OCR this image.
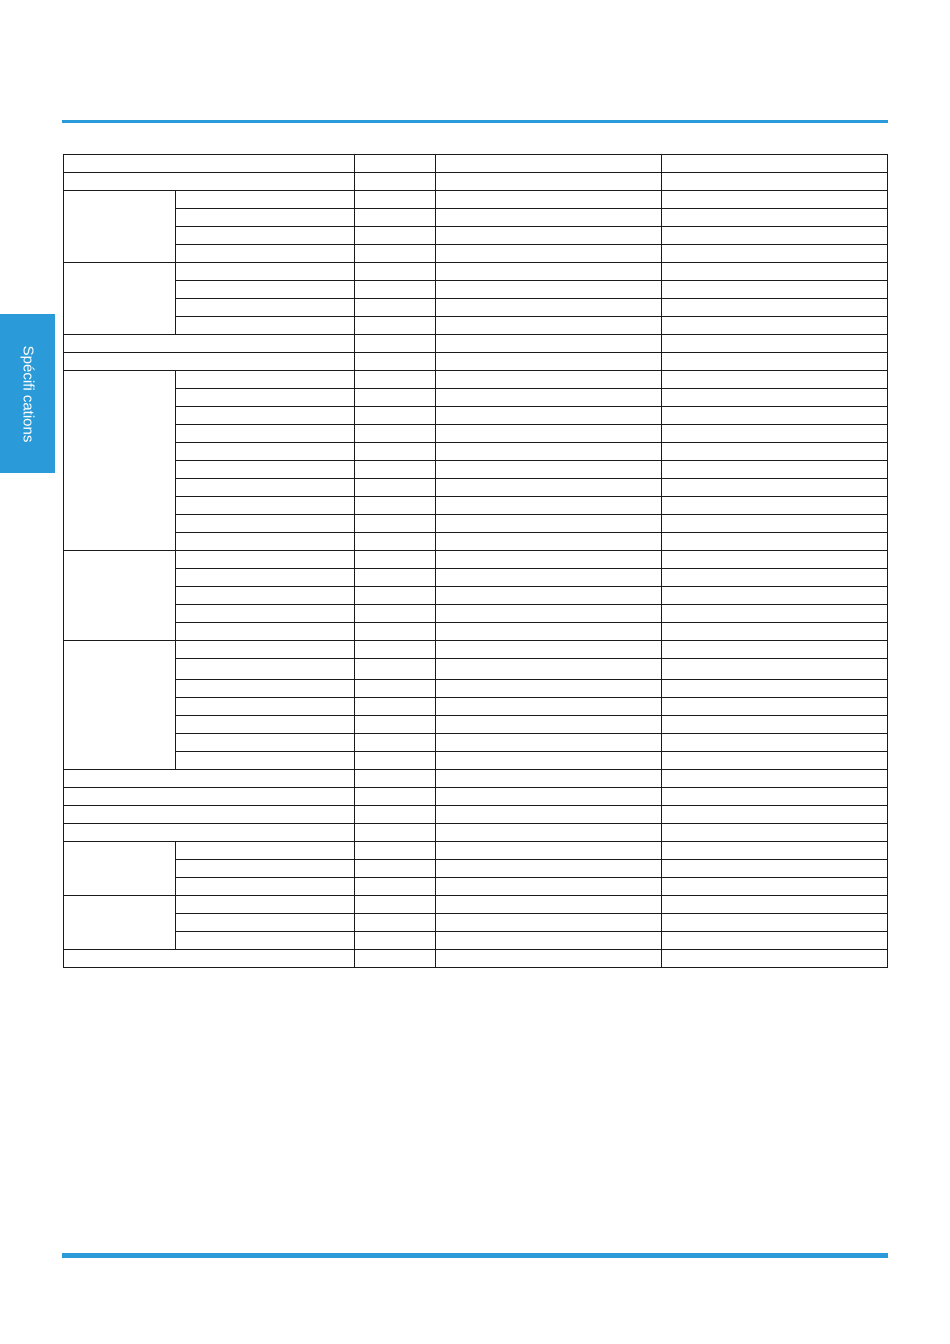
Spécifi cations
